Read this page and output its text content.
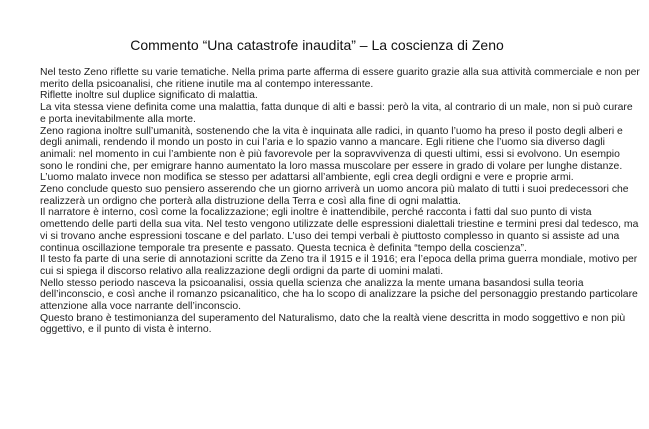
Commento “Una catastrofe inaudita” – La coscienza di Zeno

Nel testo Zeno riflette su varie tematiche. Nella prima parte afferma di essere guarito grazie alla sua attività commerciale e non per merito della psicoanalisi, che ritiene inutile ma al contempo interessante.

Riflette inoltre sul duplice significato di malattia.

La vita stessa viene definita come una malattia, fatta dunque di alti e bassi: però la vita, al contrario di un male, non si può curare e porta inevitabilmente alla morte.

Zeno ragiona inoltre sull’umanità, sostenendo che la vita è inquinata alle radici, in quanto l’uomo ha preso il posto degli alberi e degli animali, rendendo il mondo un posto in cui l’aria e lo spazio vanno a mancare. Egli ritiene che l’uomo sia diverso dagli animali: nel momento in cui l’ambiente non è più favorevole per la sopravvivenza di questi ultimi, essi si evolvono. Un esempio sono le rondini che, per emigrare hanno aumentato la loro massa muscolare per essere in grado di volare per lunghe distanze. L’uomo malato invece non modifica se stesso per adattarsi all’ambiente, egli crea degli ordigni e vere e proprie armi.

Zeno conclude questo suo pensiero asserendo che un giorno arriverà un uomo ancora più malato di tutti i suoi predecessori che realizzerà un ordigno che porterà alla distruzione della Terra e così alla fine di ogni malattia.

Il narratore è interno, così come la focalizzazione; egli inoltre è inattendibile, perché racconta i fatti dal suo punto di vista omettendo delle parti della sua vita. Nel testo vengono utilizzate delle espressioni dialettali triestine e termini presi dal tedesco, ma vi si trovano anche espressioni toscane e del parlato. L’uso dei tempi verbali è piuttosto complesso in quanto si assiste ad una continua oscillazione temporale tra presente e passato. Questa tecnica è definita “tempo della coscienza”.

Il testo fa parte di una serie di annotazioni scritte da Zeno tra il 1915 e il 1916; era l’epoca della prima guerra mondiale, motivo per cui si spiega il discorso relativo alla realizzazione degli ordigni da parte di uomini malati.

Nello stesso periodo nasceva la psicoanalisi, ossia quella scienza che analizza la mente umana basandosi sulla teoria dell’inconscio, e così anche il romanzo psicanalitico, che ha lo scopo di analizzare la psiche del personaggio prestando particolare attenzione alla voce narrante dell’inconscio.

Questo brano è testimonianza del superamento del Naturalismo, dato che la realtà viene descritta in modo soggettivo e non più oggettivo, e il punto di vista è interno.
